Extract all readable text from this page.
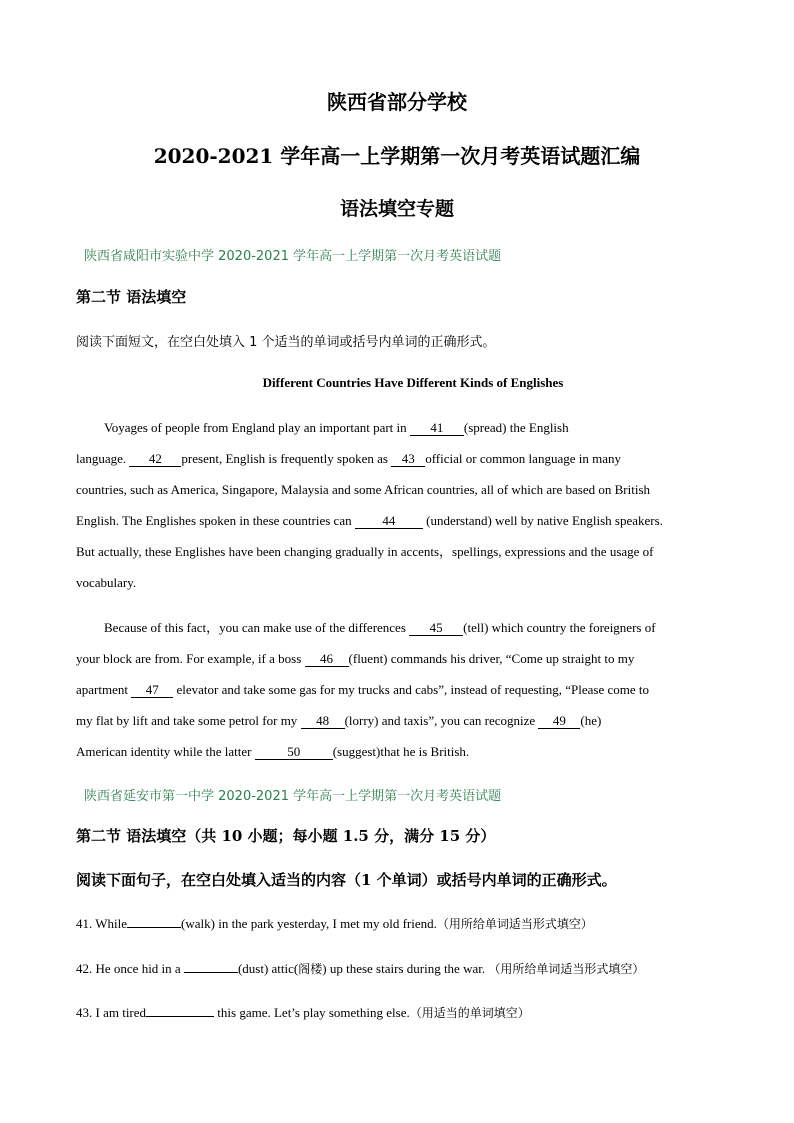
陕西省部分学校
2020-2021 学年高一上学期第一次月考英语试题汇编
语法填空专题
陕西省咸阳市实验中学 2020-2021 学年高一上学期第一次月考英语试题
第二节 语法填空
阅读下面短文，在空白处填入 1 个适当的单词或括号内单词的正确形式。
Different Countries Have Different Kinds of Englishes
Voyages of people from England play an important part in 41 (spread) the English
language. 42 present, English is frequently spoken as 43 official or common language in many
countries, such as America, Singapore, Malaysia and some African countries, all of which are based on British
English. The Englishes spoken in these countries can 44 (understand) well by native English speakers.
But actually, these Englishes have been changing gradually in accents，spellings, expressions and the usage of
vocabulary.
Because of this fact，you can make use of the differences 45 (tell) which country the foreigners of
your block are from. For example, if a boss 46 (fluent) commands his driver, “Come up straight to my
apartment 47 elevator and take some gas for my trucks and cabs”, instead of requesting, “Please come to
my flat by lift and take some petrol for my 48 (lorry) and taxis”, you can recognize 49 (he)
American identity while the latter	50	(suggest)that he is British.
陕西省延安市第一中学 2020-2021 学年高一上学期第一次月考英语试题
第二节 语法填空（共 10 小题；每小题 1.5 分，满分 15 分）
阅读下面句子，在空白处填入适当的内容（1 个单词）或括号内单词的正确形式。
41. While	(walk) in the park yesterday, I met my old friend.（用所给单词适当形式填空）
42. He once hid in a	(dust) attic(阁楼) up these stairs during the war. （用所给单词适当形式填空）
43. I am tired	this game. Let’s play something else.（用适当的单词填空）
